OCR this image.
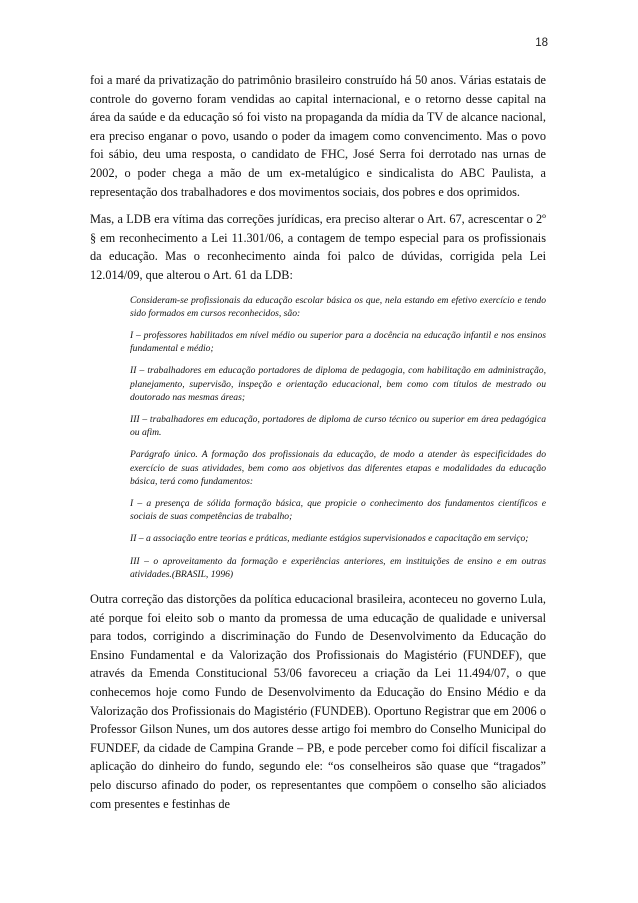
18

foi a maré da privatização do patrimônio brasileiro construído há 50 anos. Várias estatais de controle do governo foram vendidas ao capital internacional, e o retorno desse capital na área da saúde e da educação só foi visto na propaganda da mídia da TV de alcance nacional, era preciso enganar o povo, usando o poder da imagem como convencimento. Mas o povo foi sábio, deu uma resposta, o candidato de FHC, José Serra foi derrotado nas urnas de 2002, o poder chega a mão de um ex-metalúgico e sindicalista do ABC Paulista, a representação dos trabalhadores e dos movimentos sociais, dos pobres e dos oprimidos.

Mas, a LDB era vítima das correções jurídicas, era preciso alterar o Art. 67, acrescentar o 2º § em reconhecimento a Lei 11.301/06, a contagem de tempo especial para os profissionais da educação. Mas o reconhecimento ainda foi palco de dúvidas, corrigida pela Lei 12.014/09, que alterou o Art. 61 da LDB:

Consideram-se profissionais da educação escolar básica os que, nela estando em efetivo exercício e tendo sido formados em cursos reconhecidos, são:

I – professores habilitados em nível médio ou superior para a docência na educação infantil e nos ensinos fundamental e médio;

II – trabalhadores em educação portadores de diploma de pedagogia, com habilitação em administração, planejamento, supervisão, inspeção e orientação educacional, bem como com títulos de mestrado ou doutorado nas mesmas áreas;

III – trabalhadores em educação, portadores de diploma de curso técnico ou superior em área pedagógica ou afim.

Parágrafo único. A formação dos profissionais da educação, de modo a atender às especificidades do exercício de suas atividades, bem como aos objetivos das diferentes etapas e modalidades da educação básica, terá como fundamentos:

I – a presença de sólida formação básica, que propicie o conhecimento dos fundamentos científicos e sociais de suas competências de trabalho;

II – a associação entre teorias e práticas, mediante estágios supervisionados e capacitação em serviço;

III – o aproveitamento da formação e experiências anteriores, em instituições de ensino e em outras atividades.(BRASIL, 1996)

Outra correção das distorções da política educacional brasileira, aconteceu no governo Lula, até porque foi eleito sob o manto da promessa de uma educação de qualidade e universal para todos, corrigindo a discriminação do Fundo de Desenvolvimento da Educação do Ensino Fundamental e da Valorização dos Profissionais do Magistério (FUNDEF), que através da Emenda Constitucional 53/06 favoreceu a criação da Lei 11.494/07, o que conhecemos hoje como Fundo de Desenvolvimento da Educação do Ensino Médio e da Valorização dos Profissionais do Magistério (FUNDEB). Oportuno Registrar que em 2006 o Professor Gilson Nunes, um dos autores desse artigo foi membro do Conselho Municipal do FUNDEF, da cidade de Campina Grande – PB, e pode perceber como foi difícil fiscalizar a aplicação do dinheiro do fundo, segundo ele: “os conselheiros são quase que “tragados” pelo discurso afinado do poder, os representantes que compõem o conselho são aliciados com presentes e festinhas de
